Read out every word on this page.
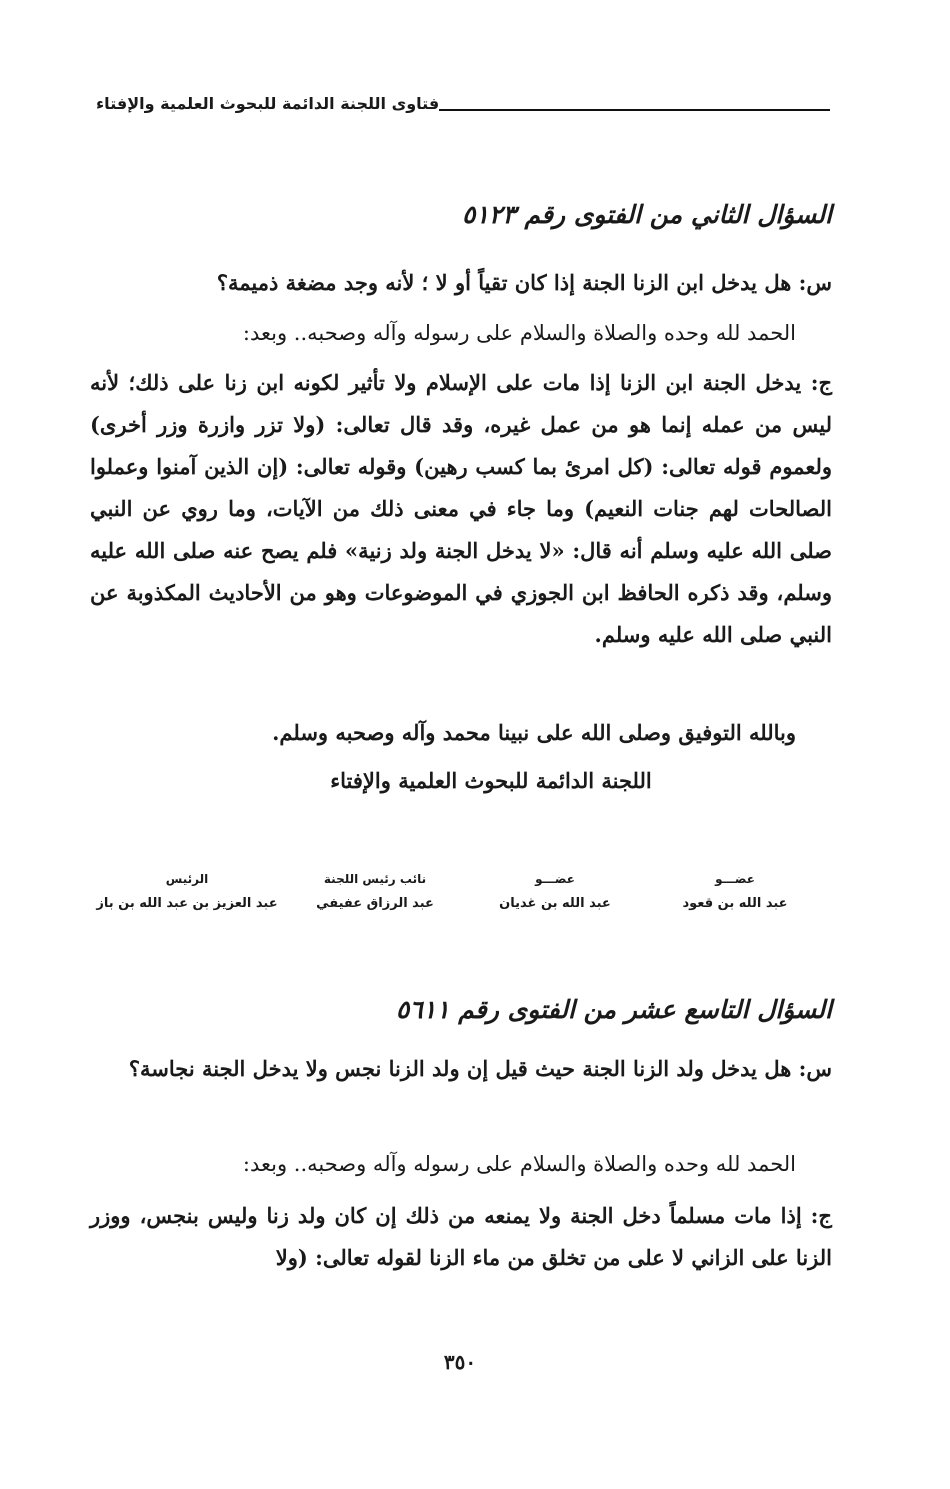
فتاوى اللجنة الدائمة للبحوث العلمية والإفتاء
السؤال الثاني من الفتوى رقم ٥١٢٣
س: هل يدخل ابن الزنا الجنة إذا كان تقياً أو لا ؛ لأنه وجد مضغة ذميمة؟
الحمد لله وحده والصلاة والسلام على رسوله وآله وصحبه.. وبعد:
ج: يدخل الجنة ابن الزنا إذا مات على الإسلام ولا تأثير لكونه ابن زنا على ذلك؛ لأنه ليس من عمله إنما هو من عمل غيره، وقد قال تعالى: (ولا تزر وازرة وزر أخرى) ولعموم قوله تعالى: (كل امرئ بما كسب رهين) وقوله تعالى: (إن الذين آمنوا وعملوا الصالحات لهم جنات النعيم) وما جاء في معنى ذلك من الآيات، وما روي عن النبي صلى الله عليه وسلم أنه قال: «لا يدخل الجنة ولد زنية» فلم يصح عنه صلى الله عليه وسلم، وقد ذكره الحافظ ابن الجوزي في الموضوعات وهو من الأحاديث المكذوبة عن النبي صلى الله عليه وسلم.
وبالله التوفيق وصلى الله على نبينا محمد وآله وصحبه وسلم.
اللجنة الدائمة للبحوث العلمية والإفتاء
عضـــو
عبد الله بن قعود
عضـــو
عبد الله بن غديان
نائب رئيس اللجنة
عبد الرزاق عفيفي
الرئيس
عبد العزيز بن عبد الله بن باز
السؤال التاسع عشر من الفتوى رقم ٥٦١١
س: هل يدخل ولد الزنا الجنة حيث قيل إن ولد الزنا نجس ولا يدخل الجنة نجاسة؟
الحمد لله وحده والصلاة والسلام على رسوله وآله وصحبه.. وبعد:
ج: إذا مات مسلماً دخل الجنة ولا يمنعه من ذلك إن كان ولد زنا وليس بنجس، ووزر الزنا على الزاني لا على من تخلق من ماء الزنا لقوله تعالى: (ولا
٣٥٠
